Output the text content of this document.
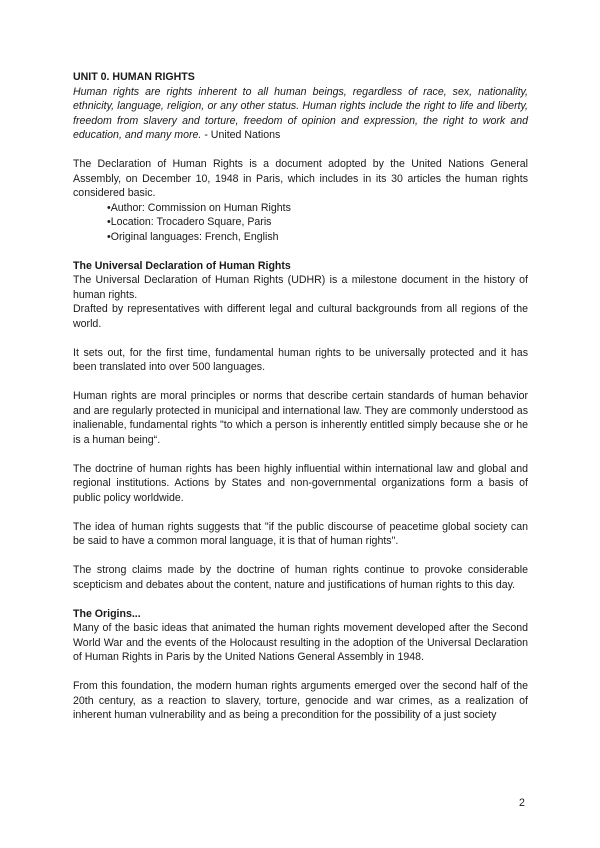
UNIT 0. HUMAN RIGHTS

Human rights are rights inherent to all human beings, regardless of race, sex, nationality, ethnicity, language, religion, or any other status. Human rights include the right to life and liberty, freedom from slavery and torture, freedom of opinion and expression, the right to work and education, and many more. - United Nations

The Declaration of Human Rights is a document adopted by the United Nations General Assembly, on December 10, 1948 in Paris, which includes in its 30 articles the human rights considered basic.

•Author: Commission on Human Rights
•Location: Trocadero Square, Paris
•Original languages: French, English

The Universal Declaration of Human Rights

The Universal Declaration of Human Rights (UDHR) is a milestone document in the history of human rights.

Drafted by representatives with different legal and cultural backgrounds from all regions of the world.

It sets out, for the first time, fundamental human rights to be universally protected and it has been translated into over 500 languages.

Human rights are moral principles or norms that describe certain standards of human behavior and are regularly protected in municipal and international law. They are commonly understood as inalienable, fundamental rights "to which a person is inherently entitled simply because she or he is a human being“.

The doctrine of human rights has been highly influential within international law and global and regional institutions. Actions by States and non-governmental organizations form a basis of public policy worldwide.

The idea of human rights suggests that "if the public discourse of peacetime global society can be said to have a common moral language, it is that of human rights".

The strong claims made by the doctrine of human rights continue to provoke considerable scepticism and debates about the content, nature and justifications of human rights to this day.

The Origins...

Many of the basic ideas that animated the human rights movement developed after the Second World War and the events of the Holocaust resulting in the adoption of the Universal Declaration of Human Rights in Paris by the United Nations General Assembly in 1948.

From this foundation, the modern human rights arguments emerged over the second half of the 20th century, as a reaction to slavery, torture, genocide and war crimes, as a realization of inherent human vulnerability and as being a precondition for the possibility of a just society

2
